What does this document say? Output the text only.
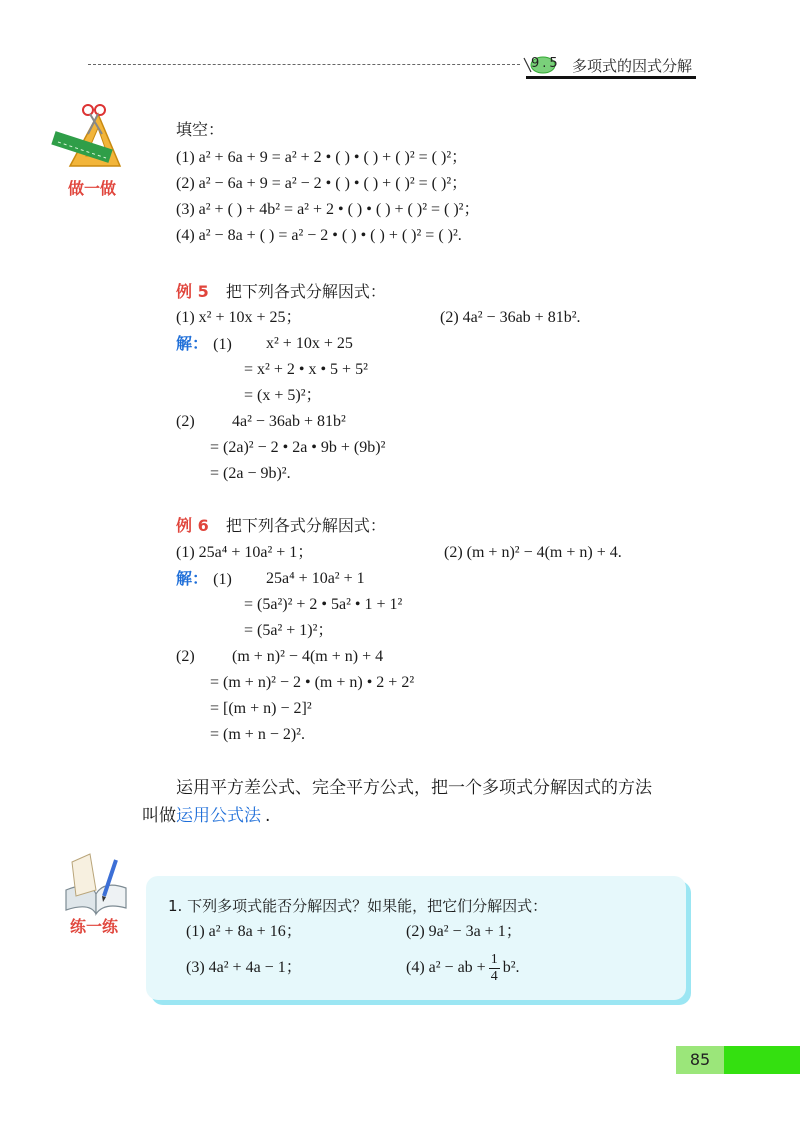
9.5 多项式的因式分解
做一做
填空：
(1) a² + 6a + 9 = a² + 2 • ( ) • ( ) + ( )² = ( )²；
(2) a² − 6a + 9 = a² − 2 • ( ) • ( ) + ( )² = ( )²；
(3) a² + ( ) + 4b² = a² + 2 • ( ) • ( ) + ( )² = ( )²；
(4) a² − 8a + ( ) = a² − 2 • ( ) • ( ) + ( )² = ( )².
例 5 把下列各式分解因式：
(1) x² + 10x + 25；	(2) 4a² − 36ab + 81b².
解： (1) x² + 10x + 25
= x² + 2 • x • 5 + 5²
= (x + 5)²；
(2) 4a² − 36ab + 81b²
= (2a)² − 2 • 2a • 9b + (9b)²
= (2a − 9b)².
例 6 把下列各式分解因式：
(1) 25a⁴ + 10a² + 1；	(2) (m + n)² − 4(m + n) + 4.
解： (1) 25a⁴ + 10a² + 1
= (5a²)² + 2 • 5a² • 1 + 1²
= (5a² + 1)²；
(2) (m + n)² − 4(m + n) + 4
= (m + n)² − 2 • (m + n) • 2 + 2²
= [(m + n) − 2]²
= (m + n − 2)².
运用平方差公式、完全平方公式，把一个多项式分解因式的方法
叫做运用公式法 .
练一练
1. 下列多项式能否分解因式？如果能，把它们分解因式：
(1) a² + 8a + 16；	(2) 9a² − 3a + 1；
(3) 4a² + 4a − 1；	(4) a² − ab + $\frac{1}{4} b^2$.
85
